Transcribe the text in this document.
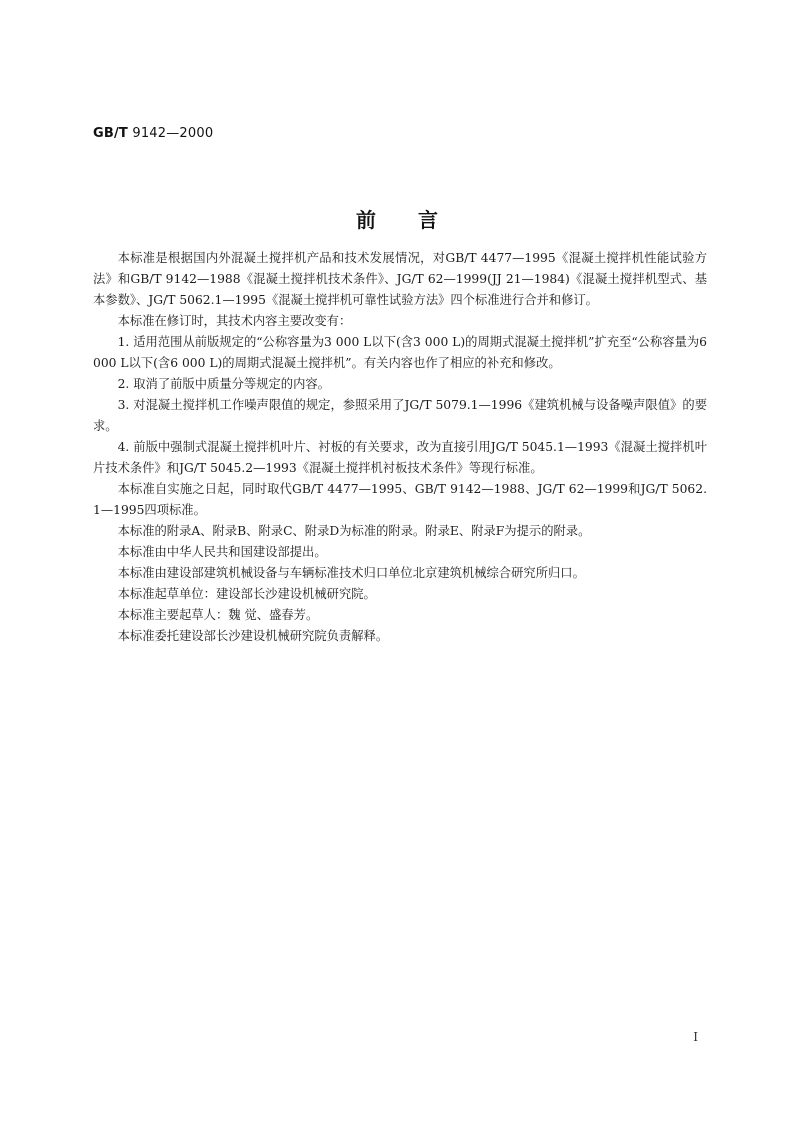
GB/T 9142—2000
前言

本标准是根据国内外混凝土搅拌机产品和技术发展情况，对GB/T 4477—1995《混凝土搅拌机性能试验方法》和GB/T 9142—1988《混凝土搅拌机技术条件》、JG/T 62—1999(JJ 21—1984)《混凝土搅拌机型式、基本参数》、JG/T 5062.1—1995《混凝土搅拌机可靠性试验方法》四个标准进行合并和修订。

本标准在修订时，其技术内容主要改变有：

1. 适用范围从前版规定的“公称容量为3 000 L以下(含3 000 L)的周期式混凝土搅拌机”扩充至“公称容量为6 000 L以下(含6 000 L)的周期式混凝土搅拌机”。有关内容也作了相应的补充和修改。

2. 取消了前版中质量分等规定的内容。

3. 对混凝土搅拌机工作噪声限值的规定，参照采用了JG/T 5079.1—1996《建筑机械与设备噪声限值》的要求。

4. 前版中强制式混凝土搅拌机叶片、衬板的有关要求，改为直接引用JG/T 5045.1—1993《混凝土搅拌机叶片技术条件》和JG/T 5045.2—1993《混凝土搅拌机衬板技术条件》等现行标准。

本标准自实施之日起，同时取代GB/T 4477—1995、GB/T 9142—1988、JG/T 62—1999和JG/T 5062.1—1995四项标准。

本标准的附录A、附录B、附录C、附录D为标准的附录。附录E、附录F为提示的附录。

本标准由中华人民共和国建设部提出。

本标准由建设部建筑机械设备与车辆标准技术归口单位北京建筑机械综合研究所归口。

本标准起草单位：建设部长沙建设机械研究院。

本标准主要起草人：魏 觉、盛春芳。

本标准委托建设部长沙建设机械研究院负责解释。

I
